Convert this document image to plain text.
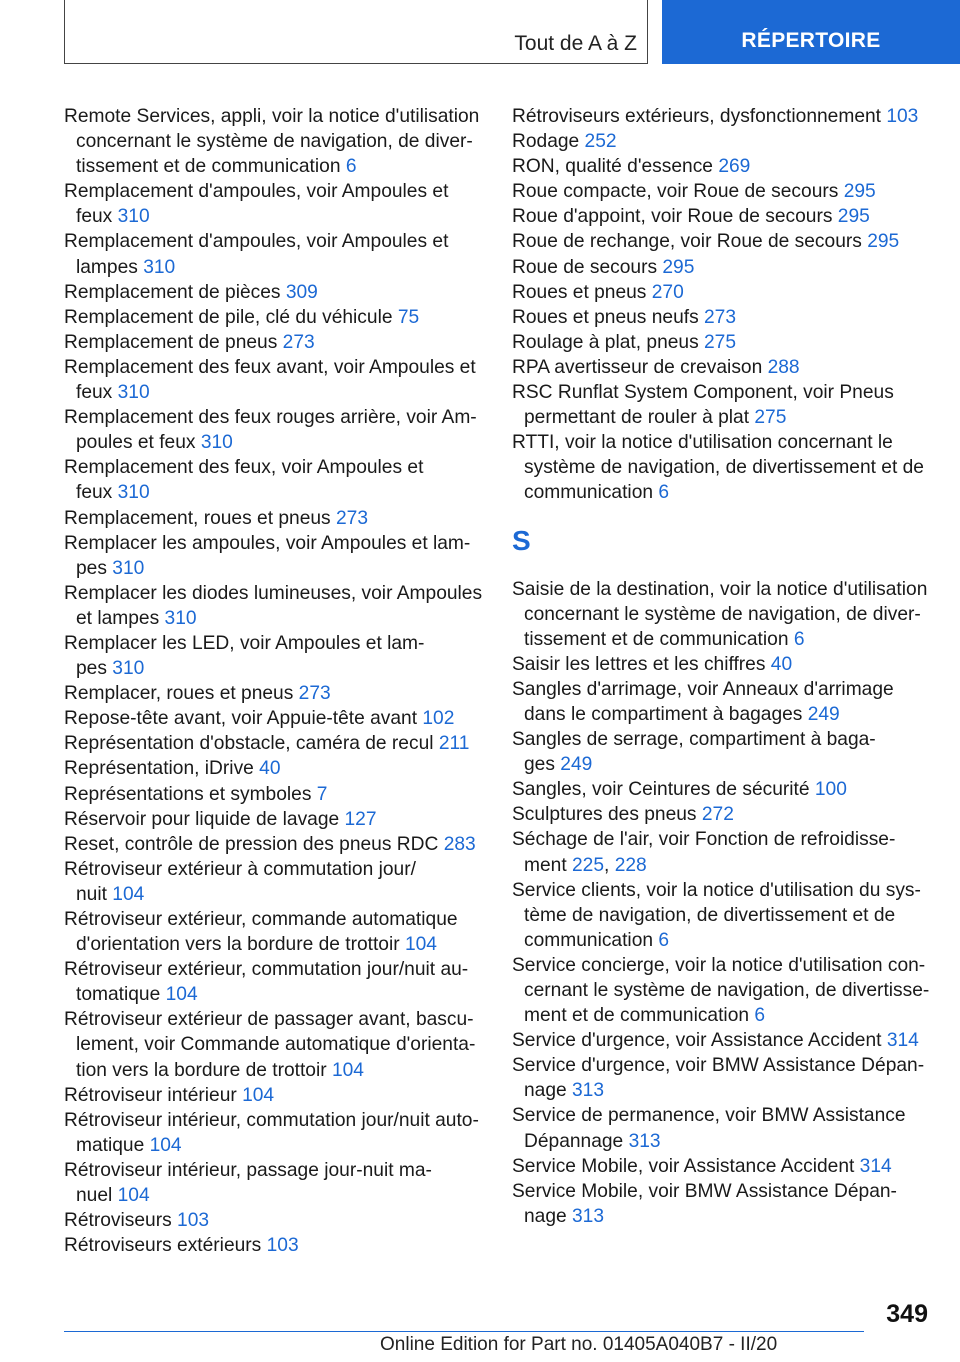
Tout de A à Z	RÉPERTOIRE
Remote Services, appli, voir la notice d'utilisation
concernant le système de navigation, de diver-
tissement et de communication 6
Remplacement d'ampoules, voir Ampoules et
feux 310
Remplacement d'ampoules, voir Ampoules et
lampes 310
Remplacement de pièces 309
Remplacement de pile, clé du véhicule 75
Remplacement de pneus 273
Remplacement des feux avant, voir Ampoules et
feux 310
Remplacement des feux rouges arrière, voir Am-
poules et feux 310
Remplacement des feux, voir Ampoules et
feux 310
Remplacement, roues et pneus 273
Remplacer les ampoules, voir Ampoules et lam-
pes 310
Remplacer les diodes lumineuses, voir Ampoules
et lampes 310
Remplacer les LED, voir Ampoules et lam-
pes 310
Remplacer, roues et pneus 273
Repose-tête avant, voir Appuie-tête avant 102
Représentation d'obstacle, caméra de recul 211
Représentation, iDrive 40
Représentations et symboles 7
Réservoir pour liquide de lavage 127
Reset, contrôle de pression des pneus RDC 283
Rétroviseur extérieur à commutation jour/
nuit 104
Rétroviseur extérieur, commande automatique
d'orientation vers la bordure de trottoir 104
Rétroviseur extérieur, commutation jour/nuit au-
tomatique 104
Rétroviseur extérieur de passager avant, bascu-
lement, voir Commande automatique d'orienta-
tion vers la bordure de trottoir 104
Rétroviseur intérieur 104
Rétroviseur intérieur, commutation jour/nuit auto-
matique 104
Rétroviseur intérieur, passage jour-nuit ma-
nuel 104
Rétroviseurs 103
Rétroviseurs extérieurs 103
Rétroviseurs extérieurs, dysfonctionnement 103
Rodage 252
RON, qualité d'essence 269
Roue compacte, voir Roue de secours 295
Roue d'appoint, voir Roue de secours 295
Roue de rechange, voir Roue de secours 295
Roue de secours 295
Roues et pneus 270
Roues et pneus neufs 273
Roulage à plat, pneus 275
RPA avertisseur de crevaison 288
RSC Runflat System Component, voir Pneus
permettant de rouler à plat 275
RTTI, voir la notice d'utilisation concernant le
système de navigation, de divertissement et de
communication 6
S
Saisie de la destination, voir la notice d'utilisation
concernant le système de navigation, de diver-
tissement et de communication 6
Saisir les lettres et les chiffres 40
Sangles d'arrimage, voir Anneaux d'arrimage
dans le compartiment à bagages 249
Sangles de serrage, compartiment à baga-
ges 249
Sangles, voir Ceintures de sécurité 100
Sculptures des pneus 272
Séchage de l'air, voir Fonction de refroidisse-
ment 225, 228
Service clients, voir la notice d'utilisation du sys-
tème de navigation, de divertissement et de
communication 6
Service concierge, voir la notice d'utilisation con-
cernant le système de navigation, de divertisse-
ment et de communication 6
Service d'urgence, voir Assistance Accident 314
Service d'urgence, voir BMW Assistance Dépan-
nage 313
Service de permanence, voir BMW Assistance
Dépannage 313
Service Mobile, voir Assistance Accident 314
Service Mobile, voir BMW Assistance Dépan-
nage 313
349
Online Edition for Part no. 01405A040B7 - II/20
